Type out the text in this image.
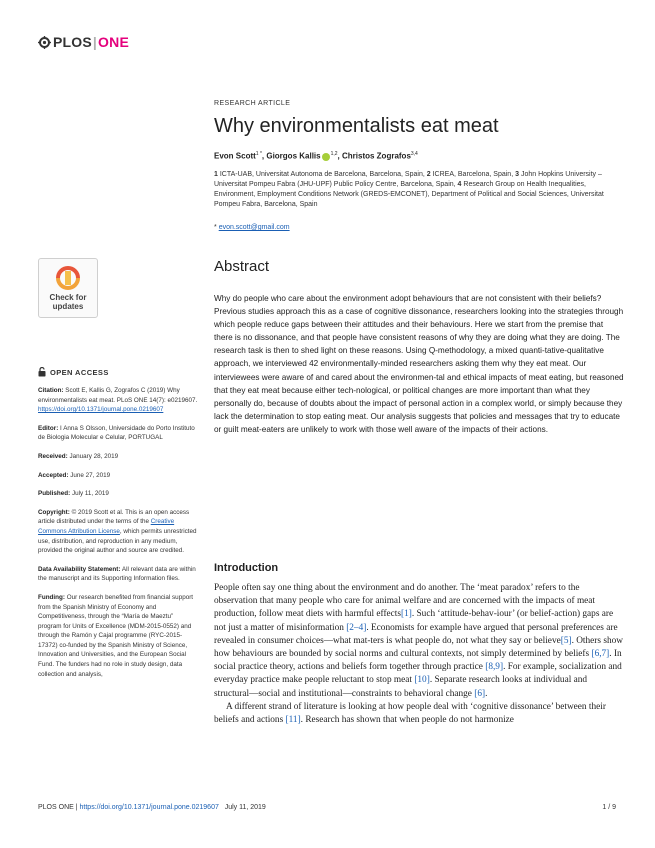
PLOS | ONE
Check for updates
OPEN ACCESS

Citation: Scott E, Kallis G, Zografos C (2019) Why environmentalists eat meat. PLoS ONE 14(7): e0219607. https://doi.org/10.1371/journal.pone.0219607

Editor: I Anna S Olsson, Universidade do Porto Instituto de Biologia Molecular e Celular, PORTUGAL

Received: January 28, 2019

Accepted: June 27, 2019

Published: July 11, 2019

Copyright: © 2019 Scott et al. This is an open access article distributed under the terms of the Creative Commons Attribution License, which permits unrestricted use, distribution, and reproduction in any medium, provided the original author and source are credited.

Data Availability Statement: All relevant data are within the manuscript and its Supporting Information files.

Funding: Our research benefited from financial support from the Spanish Ministry of Economy and Competitiveness, through the “María de Maeztu” program for Units of Excellence (MDM-2015-0552) and through the Ramón y Cajal programme (RYC-2015-17372) co-funded by the Spanish Ministry of Science, Innovation and Universities, and the European Social Fund. The funders had no role in study design, data collection and analysis,

RESEARCH ARTICLE
Why environmentalists eat meat
Evon Scott$^{1 *}$, Giorgos Kallis $^{1,2}$, Christos Zografos$^{3,4}$
1 ICTA-UAB, Universitat Autonoma de Barcelona, Barcelona, Spain, 2 ICREA, Barcelona, Spain, 3 John Hopkins University – Universitat Pompeu Fabra (JHU-UPF) Public Policy Centre, Barcelona, Spain, 4 Research Group on Health Inequalities, Environment, Employment Conditions Network (GREDS-EMCONET), Department of Political and Social Sciences, Universitat Pompeu Fabra, Barcelona, Spain
* evon.scott@gmail.com
Abstract
Why do people who care about the environment adopt behaviours that are not consistent with their beliefs? Previous studies approach this as a case of cognitive dissonance, researchers looking into the strategies through which people reduce gaps between their attitudes and their behaviours. Here we start from the premise that there is no dissonance, and that people have consistent reasons of why they are doing what they are doing. The research task is then to shed light on these reasons. Using Q-methodology, a mixed quanti-tative-qualitative approach, we interviewed 42 environmentally-minded researchers asking them why they eat meat. Our interviewees were aware of and cared about the environmen-tal and ethical impacts of meat eating, but reasoned that they eat meat because either tech-nological, or political changes are more important than what they personally do, because of doubts about the impact of personal action in a complex world, or simply because they lack the determination to stop eating meat. Our analysis suggests that policies and messages that try to educate or guilt meat-eaters are unlikely to work with those well aware of the impacts of their actions.
Introduction

People often say one thing about the environment and do another. The ‘meat paradox’ refers to the observation that many people who care for animal welfare and are concerned with the impacts of meat production, follow meat diets with harmful effects[1]. Such ‘attitude-behav-iour’ (or belief-action) gaps are not just a matter of misinformation [2–4]. Economists for example have argued that personal preferences are revealed in consumer choices—what mat-ters is what people do, not what they say or believe[5]. Others show how behaviours are bounded by social norms and cultural contexts, not simply determined by beliefs [6,7]. In social practice theory, actions and beliefs form together through practice [8,9]. For example, socialization and everyday practice make people reluctant to stop meat [10]. Separate research looks at individual and structural—social and institutional—constraints to behavioral change [6].

A different strand of literature is looking at how people deal with ‘cognitive dissonance’ between their beliefs and actions [11]. Research has shown that when people do not harmonize

PLOS ONE | https://doi.org/10.1371/journal.pone.0219607 July 11, 2019	1 / 9
